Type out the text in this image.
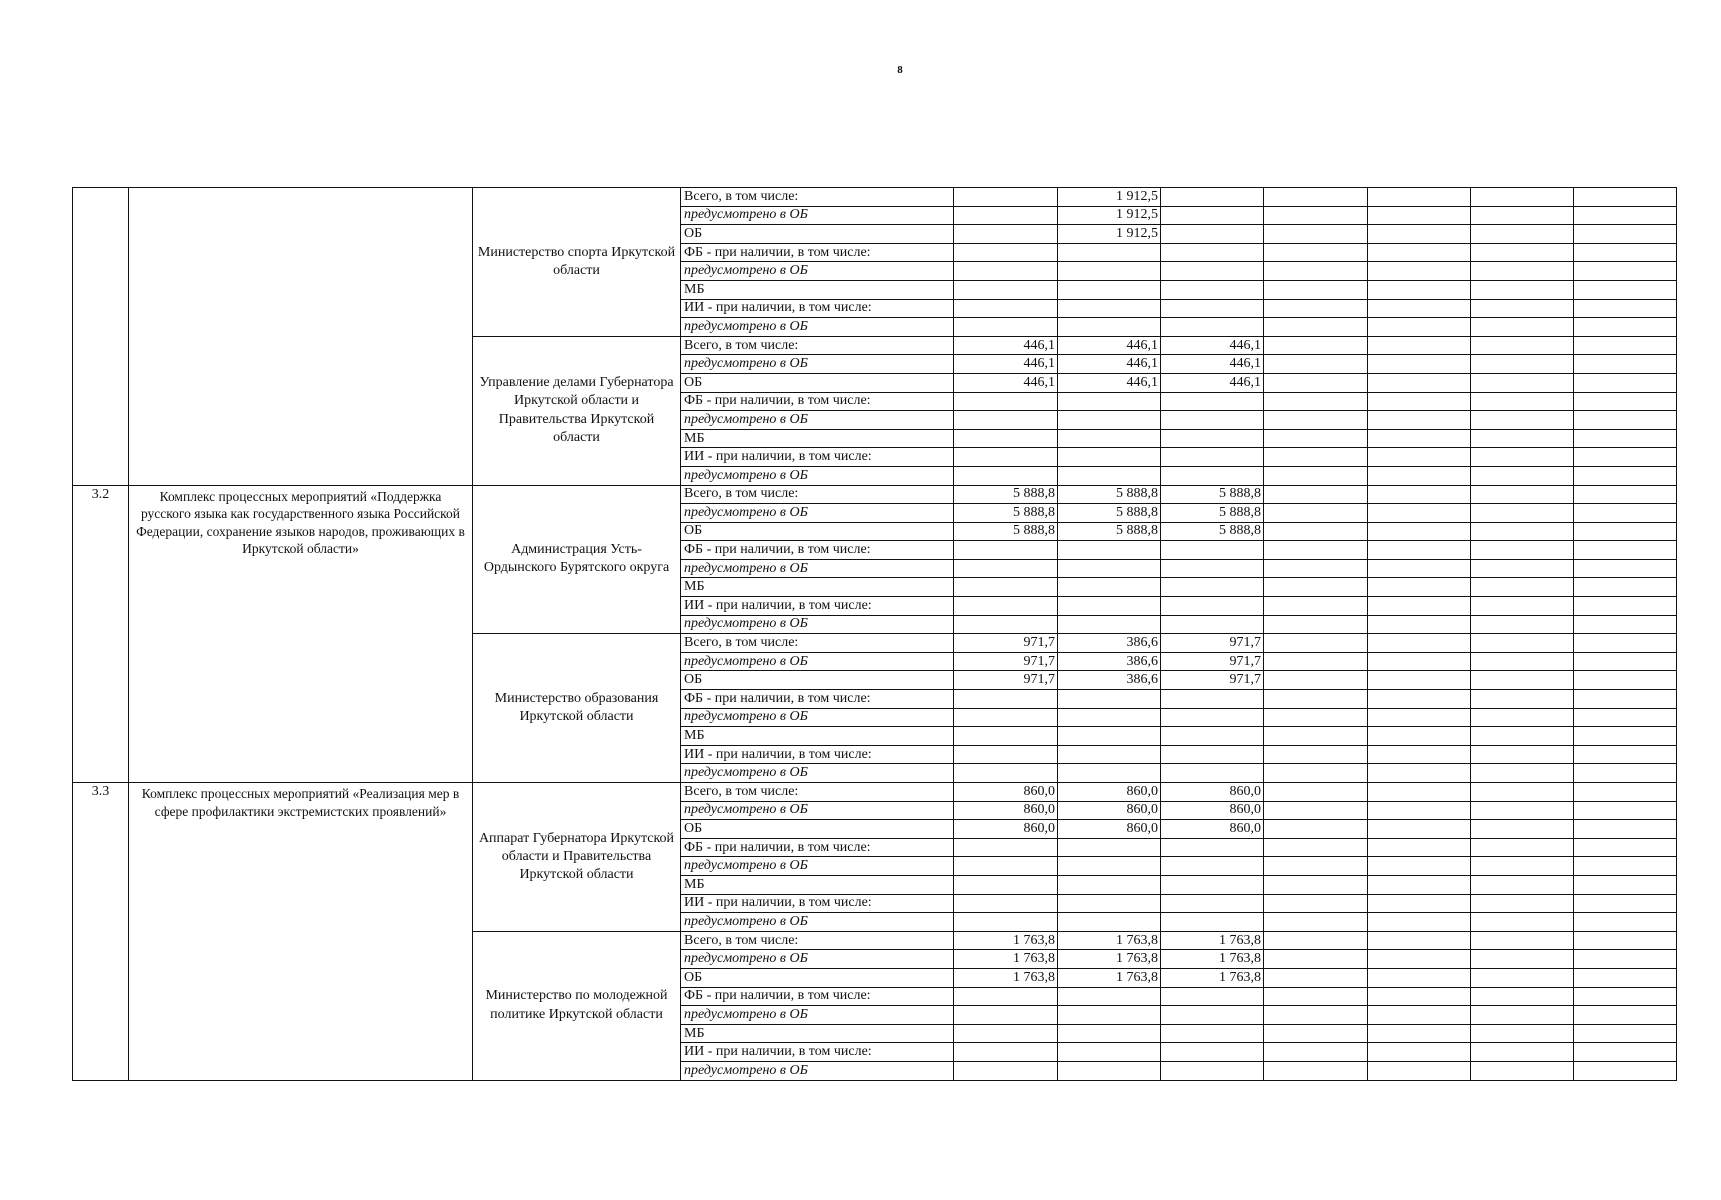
8
		Министерство спорта Иркутской области	Всего, в том числе:		1 912,5					
			предусмотрено в ОБ		1 912,5					
			ОБ		1 912,5					
			ФБ - при наличии, в том числе:							
			предусмотрено в ОБ							
			МБ							
			ИИ - при наличии, в том числе:							
			предусмотрено в ОБ							
		Управление делами Губернатора Иркутской области и Правительства Иркутской области	Всего, в том числе:	446,1	446,1	446,1				
			предусмотрено в ОБ	446,1	446,1	446,1				
			ОБ	446,1	446,1	446,1				
			ФБ - при наличии, в том числе:							
			предусмотрено в ОБ							
			МБ							
			ИИ - при наличии, в том числе:							
			предусмотрено в ОБ							
3.2	Комплекс процессных мероприятий «Поддержка русского языка как государственного языка Российской Федерации, сохранение языков народов, проживающих в Иркутской области»	Администрация Усть-Ордынского Бурятского округа	Всего, в том числе:	5 888,8	5 888,8	5 888,8				
			предусмотрено в ОБ	5 888,8	5 888,8	5 888,8				
			ОБ	5 888,8	5 888,8	5 888,8				
			ФБ - при наличии, в том числе:							
			предусмотрено в ОБ							
			МБ							
			ИИ - при наличии, в том числе:							
			предусмотрено в ОБ							
		Министерство образования Иркутской области	Всего, в том числе:	971,7	386,6	971,7				
			предусмотрено в ОБ	971,7	386,6	971,7				
			ОБ	971,7	386,6	971,7				
			ФБ - при наличии, в том числе:							
			предусмотрено в ОБ							
			МБ							
			ИИ - при наличии, в том числе:							
			предусмотрено в ОБ							
3.3	Комплекс процессных мероприятий «Реализация мер в сфере профилактики экстремистских проявлений»	Аппарат Губернатора Иркутской области и Правительства Иркутской области	Всего, в том числе:	860,0	860,0	860,0				
			предусмотрено в ОБ	860,0	860,0	860,0				
			ОБ	860,0	860,0	860,0				
			ФБ - при наличии, в том числе:							
			предусмотрено в ОБ							
			МБ							
			ИИ - при наличии, в том числе:							
			предусмотрено в ОБ							
		Министерство по молодежной политике Иркутской области	Всего, в том числе:	1 763,8	1 763,8	1 763,8				
			предусмотрено в ОБ	1 763,8	1 763,8	1 763,8				
			ОБ	1 763,8	1 763,8	1 763,8				
			ФБ - при наличии, в том числе:							
			предусмотрено в ОБ							
			МБ							
			ИИ - при наличии, в том числе:							
			предусмотрено в ОБ							
